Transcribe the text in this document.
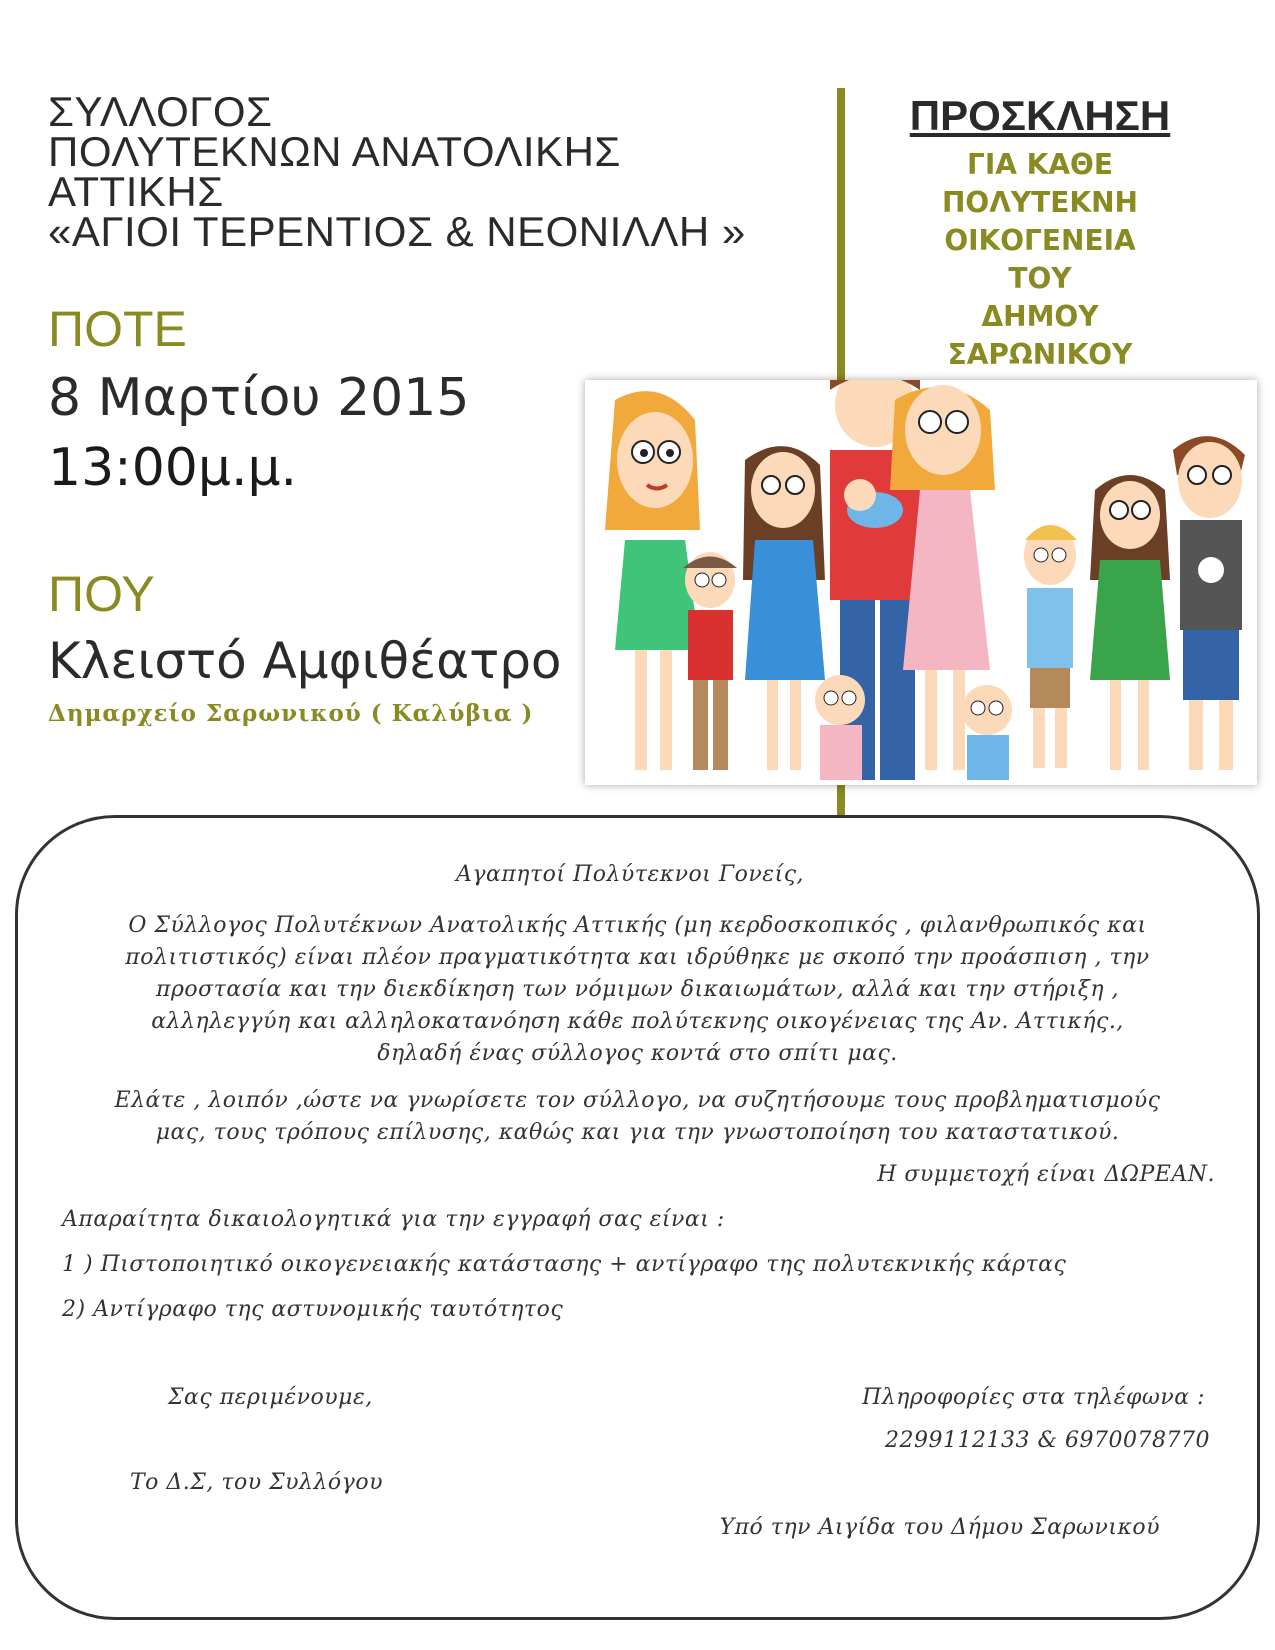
ΣΥΛΛΟΓΟΣ
ΠΟΛΥΤΕΚΝΩΝ ΑΝΑΤΟΛΙΚΗΣ
ΑΤΤΙΚΗΣ
«ΑΓΙΟΙ ΤΕΡΕΝΤΙΟΣ & ΝΕΟΝΙΛΛΗ »
ΠΟΤΕ
8 Μαρτίου 2015
13:00μ.μ.
ΠΟΥ
Κλειστό Αμφιθέατρο
Δημαρχείο Σαρωνικού ( Καλύβια )
ΠΡΟΣΚΛΗΣΗ
ΓΙΑ ΚΑΘΕ
ΠΟΛΥΤΕΚΝΗ
ΟΙΚΟΓΕΝΕΙΑ
ΤΟΥ
ΔΗΜΟΥ
ΣΑΡΩΝΙΚΟΥ
Αγαπητοί Πολύτεκνοι Γονείς,
Ο Σύλλογος Πολυτέκνων Ανατολικής Αττικής (μη κερδοσκοπικός , φιλανθρωπικός και
πολιτιστικός) είναι πλέον πραγματικότητα και ιδρύθηκε με σκοπό την προάσπιση , την
προστασία και την διεκδίκηση των νόμιμων δικαιωμάτων, αλλά και την στήριξη ,
αλληλεγγύη και αλληλοκατανόηση κάθε πολύτεκνης οικογένειας της Αν. Αττικής.,
δηλαδή ένας σύλλογος κοντά στο σπίτι μας.
Ελάτε , λοιπόν ,ώστε να γνωρίσετε τον σύλλογο, να συζητήσουμε τους προβληματισμούς
μας, τους τρόπους επίλυσης, καθώς και για την γνωστοποίηση του καταστατικού.
Η συμμετοχή είναι ΔΩΡΕΑΝ.
Απαραίτητα δικαιολογητικά για την εγγραφή σας είναι :
1 ) Πιστοποιητικό οικογενειακής κατάστασης + αντίγραφο της πολυτεκνικής κάρτας
2) Αντίγραφο της αστυνομικής ταυτότητος
Σας περιμένουμε,	Πληροφορίες στα τηλέφωνα :
2299112133 & 6970078770
Το Δ.Σ, του Συλλόγου
Υπό την Αιγίδα του Δήμου Σαρωνικού
